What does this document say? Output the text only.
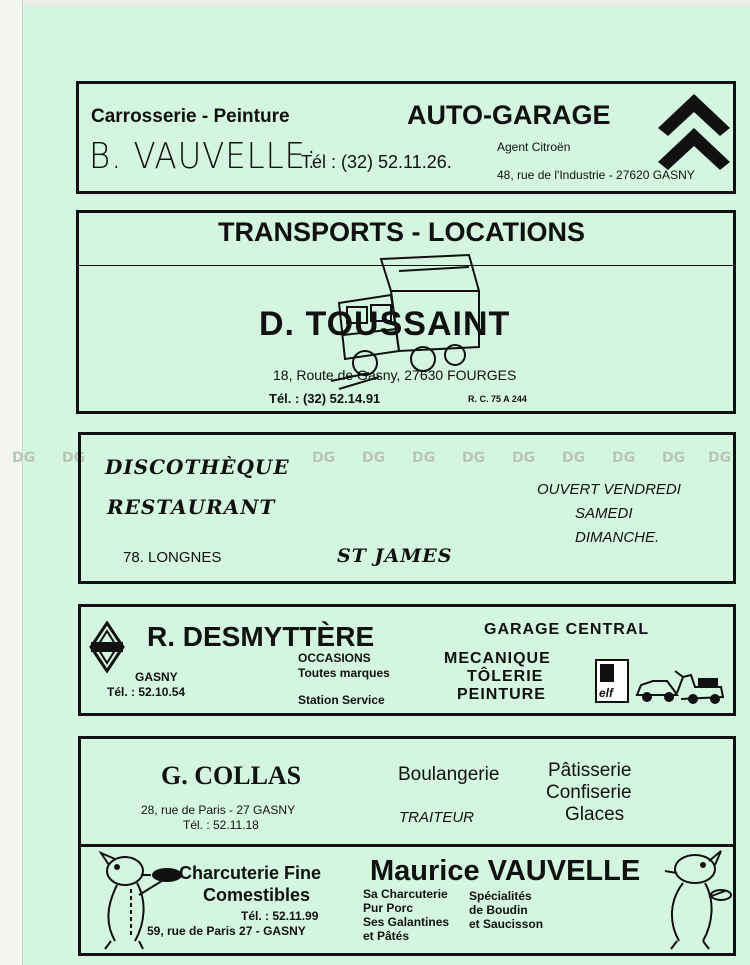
Carrosserie - Peinture
B. VAUVELLE:
Tél : (32) 52.11.26.
AUTO-GARAGE
Agent Citroën
48, rue de l'Industrie - 27620 GASNY
TRANSPORTS - LOCATIONS
D. TOUSSAINT
18, Route de Gasny, 27630 FOURGES
Tél. : (32) 52.14.91	R. C. 75 A 244
DG DG	DG DG DG DG DG DG DG DG DG
DISCOTHÈQUE
RESTAURANT
78. LONGNES	ST JAMES
OUVERT VENDREDI
SAMEDI
DIMANCHE.
R. DESMYTTÈRE
OCCASIONS
Toutes marques
Station Service
GASNY
Tél. : 52.10.54
GARAGE CENTRAL
MECANIQUE
TÔLERIE
PEINTURE	elf
G. COLLAS
28, rue de Paris - 27 GASNY
Tél. : 52.11.18
Boulangerie
TRAITEUR
Pâtisserie
Confiserie
Glaces
Charcuterie Fine
Comestibles
Tél. : 52.11.99
59, rue de Paris 27 - GASNY
Maurice VAUVELLE
Sa Charcuterie
Pur Porc
Ses Galantines
et Pâtés
Spécialités
de Boudin
et Saucisson
